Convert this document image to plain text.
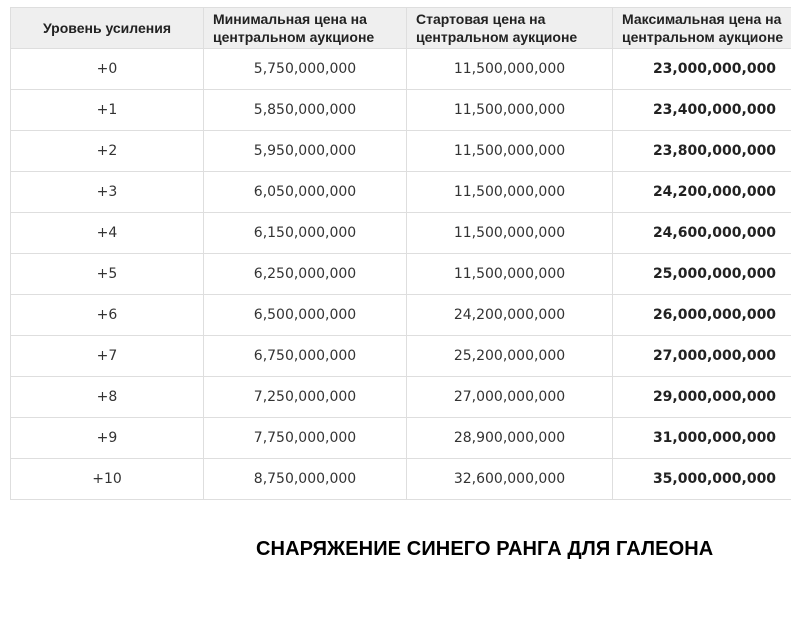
Уровень усиления	Минимальная цена на центральном аукционе	Стартовая цена на центральном аукционе	Максимальная цена на центральном аукционе
+0	5,750,000,000	11,500,000,000	23,000,000,000
+1	5,850,000,000	11,500,000,000	23,400,000,000
+2	5,950,000,000	11,500,000,000	23,800,000,000
+3	6,050,000,000	11,500,000,000	24,200,000,000
+4	6,150,000,000	11,500,000,000	24,600,000,000
+5	6,250,000,000	11,500,000,000	25,000,000,000
+6	6,500,000,000	24,200,000,000	26,000,000,000
+7	6,750,000,000	25,200,000,000	27,000,000,000
+8	7,250,000,000	27,000,000,000	29,000,000,000
+9	7,750,000,000	28,900,000,000	31,000,000,000
+10	8,750,000,000	32,600,000,000	35,000,000,000
СНАРЯЖЕНИЕ СИНЕГО РАНГА ДЛЯ ГАЛЕОНА
